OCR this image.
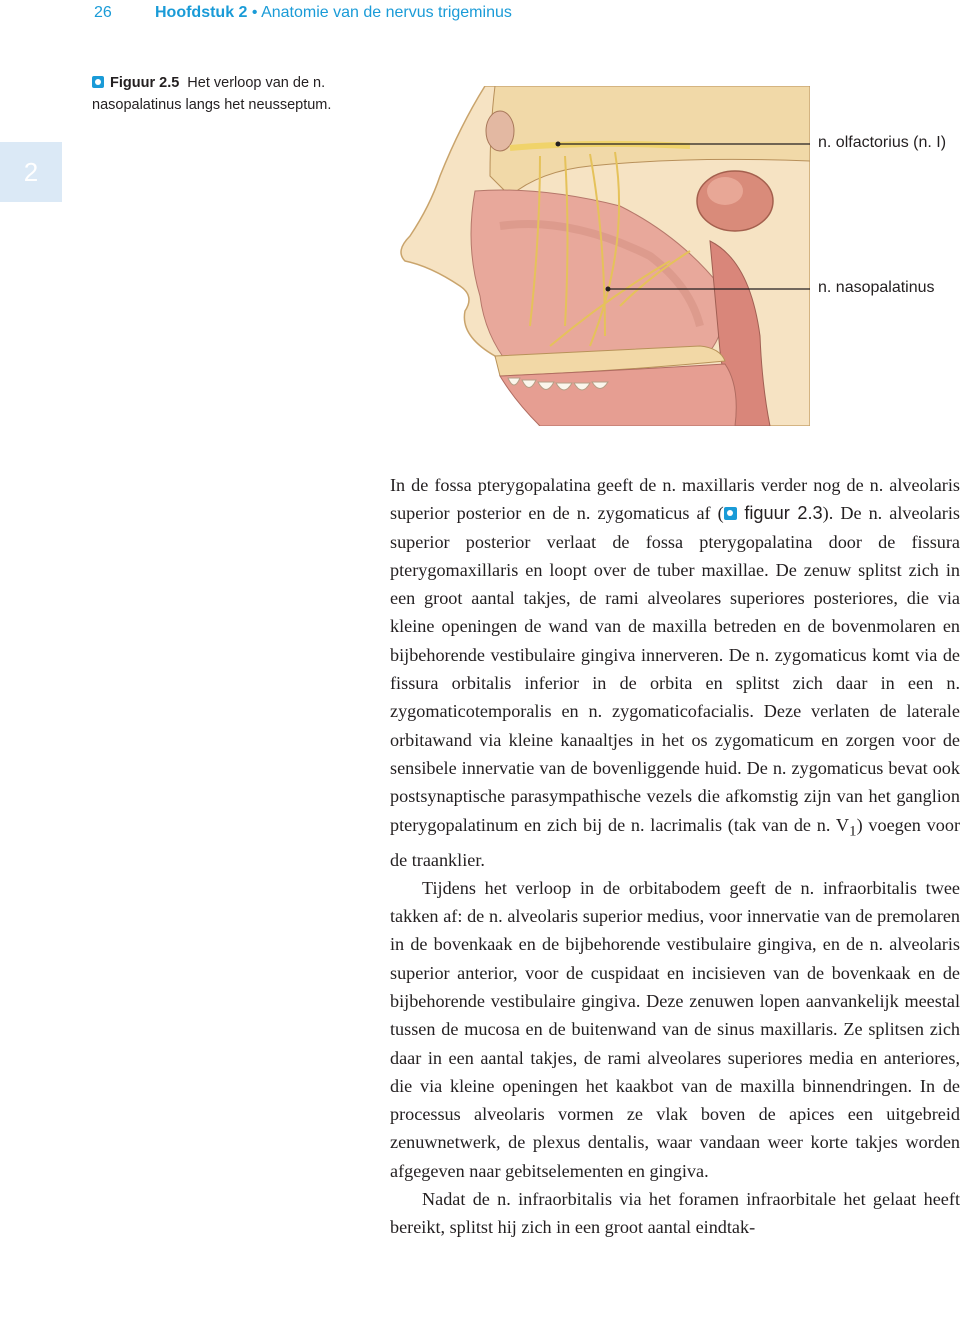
26	Hoofdstuk 2 • Anatomie van de nervus trigeminus
2
Figuur 2.5 Het verloop van de n. nasopalatinus langs het neusseptum.
n. olfactorius (n. I)
n. nasopalatinus

In de fossa pterygopalatina geeft de n. maxillaris verder nog de n. alveolaris superior posterior en de n. zygomaticus af ( figuur 2.3). De n. alveolaris superior posterior verlaat de fossa pterygopalatina door de fissura pterygomaxillaris en loopt over de tuber maxillae. De zenuw splitst zich in een groot aantal takjes, de rami alveolares superiores posteriores, die via kleine openingen de wand van de maxilla betreden en de bovenmolaren en bijbehorende vestibulaire gingiva innerveren. De n. zygomaticus komt via de fissura orbitalis inferior in de orbita en splitst zich daar in een n. zygomaticotemporalis en n. zygomaticofacialis. Deze verlaten de laterale orbitawand via kleine kanaaltjes in het os zygomaticum en zorgen voor de sensibele innervatie van de bovenliggende huid. De n. zygomaticus bevat ook postsynaptische parasympathische vezels die afkomstig zijn van het ganglion pterygopalatinum en zich bij de n. lacrimalis (tak van de n. $V_1$) voegen voor de traanklier.

Tijdens het verloop in de orbitabodem geeft de n. infraorbitalis twee takken af: de n. alveolaris superior medius, voor innervatie van de premolaren in de bovenkaak en de bijbehorende vestibulaire gingiva, en de n. alveolaris superior anterior, voor de cuspidaat en incisieven van de bovenkaak en de bijbehorende vestibulaire gingiva. Deze zenuwen lopen aanvankelijk meestal tussen de mucosa en de buitenwand van de sinus maxillaris. Ze splitsen zich daar in een aantal takjes, de rami alveolares superiores media en anteriores, die via kleine openingen het kaakbot van de maxilla binnendringen. In de processus alveolaris vormen ze vlak boven de apices een uitgebreid zenuwnetwerk, de plexus dentalis, waar vandaan weer korte takjes worden afgegeven naar gebitselementen en gingiva.

Nadat de n. infraorbitalis via het foramen infraorbitale het gelaat heeft bereikt, splitst hij zich in een groot aantal eindtak-
